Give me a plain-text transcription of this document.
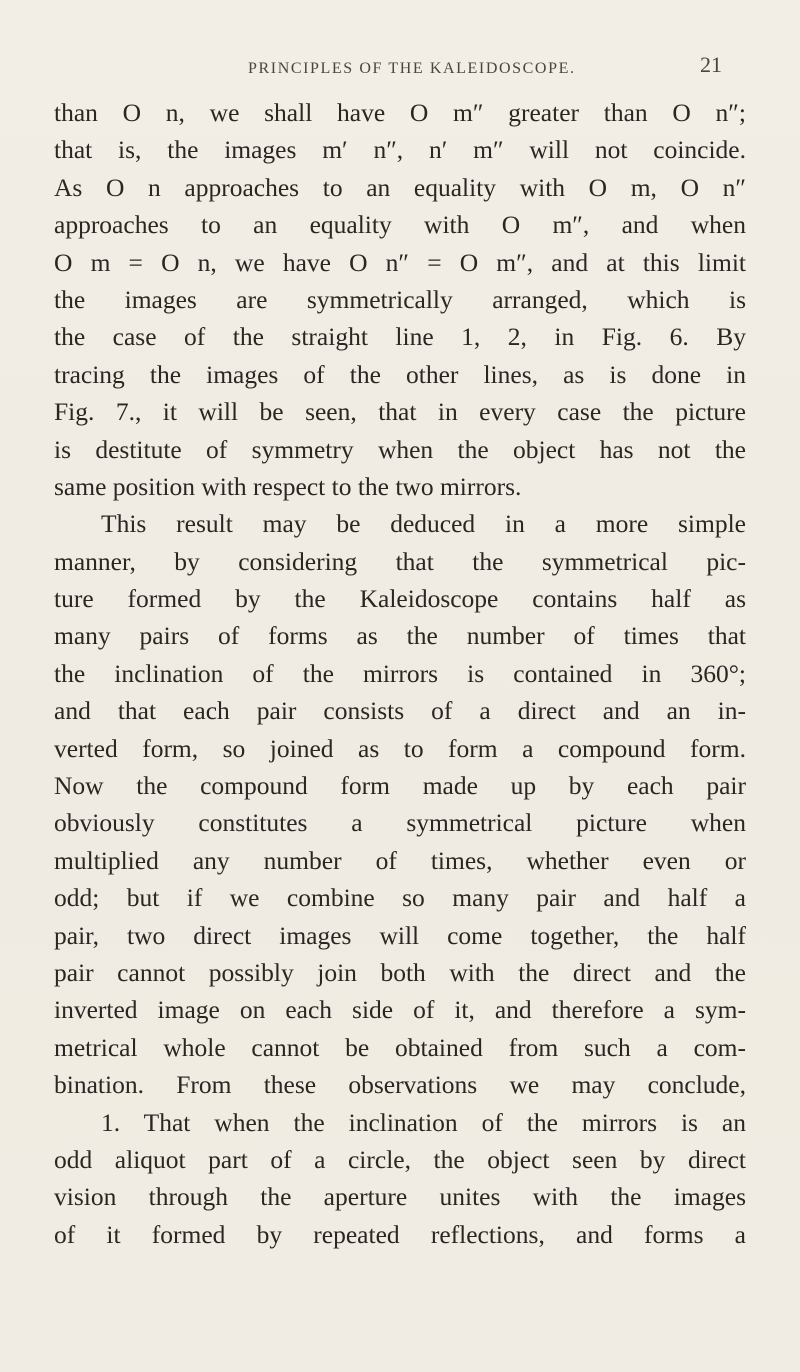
PRINCIPLES OF THE KALEIDOSCOPE.	21
than O n, we shall have O m″ greater than O n″;
that is, the images m′ n″, n′ m″ will not coincide.
As O n approaches to an equality with O m, O n″
approaches to an equality with O m″, and when
O m = O n, we have O n″ = O m″, and at this limit
the images are symmetrically arranged, which is
the case of the straight line 1, 2, in Fig. 6. By
tracing the images of the other lines, as is done in
Fig. 7., it will be seen, that in every case the picture
is destitute of symmetry when the object has not the
same position with respect to the two mirrors.
This result may be deduced in a more simple
manner, by considering that the symmetrical pic-
ture formed by the Kaleidoscope contains half as
many pairs of forms as the number of times that
the inclination of the mirrors is contained in 360°;
and that each pair consists of a direct and an in-
verted form, so joined as to form a compound form.
Now the compound form made up by each pair
obviously constitutes a symmetrical picture when
multiplied any number of times, whether even or
odd; but if we combine so many pair and half a
pair, two direct images will come together, the half
pair cannot possibly join both with the direct and the
inverted image on each side of it, and therefore a sym-
metrical whole cannot be obtained from such a com-
bination. From these observations we may conclude,
1. That when the inclination of the mirrors is an
odd aliquot part of a circle, the object seen by direct
vision through the aperture unites with the images
of it formed by repeated reflections, and forms a
